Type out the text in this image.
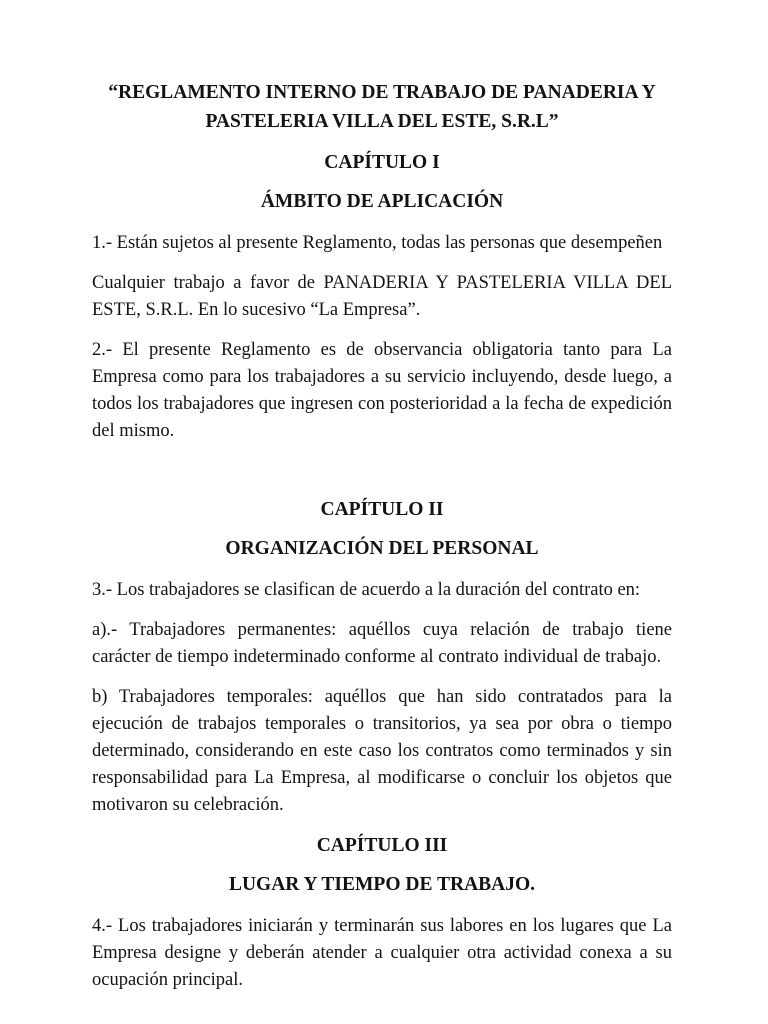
“REGLAMENTO INTERNO DE TRABAJO DE PANADERIA Y
PASTELERIA VILLA DEL ESTE, S.R.L”
CAPÍTULO I
ÁMBITO DE APLICACIÓN

1.- Están sujetos al presente Reglamento, todas las personas que desempeñen

Cualquier trabajo a favor de PANADERIA Y PASTELERIA VILLA DEL ESTE, S.R.L. En lo sucesivo “La Empresa”.

2.- El presente Reglamento es de observancia obligatoria tanto para La Empresa como para los trabajadores a su servicio incluyendo, desde luego, a todos los trabajadores que ingresen con posterioridad a la fecha de expedición del mismo.

CAPÍTULO II
ORGANIZACIÓN DEL PERSONAL

3.- Los trabajadores se clasifican de acuerdo a la duración del contrato en:

a).- Trabajadores permanentes: aquéllos cuya relación de trabajo tiene carácter de tiempo indeterminado conforme al contrato individual de trabajo.

b) Trabajadores temporales: aquéllos que han sido contratados para la ejecución de trabajos temporales o transitorios, ya sea por obra o tiempo determinado, considerando en este caso los contratos como terminados y sin responsabilidad para La Empresa, al modificarse o concluir los objetos que motivaron su celebración.

CAPÍTULO III
LUGAR Y TIEMPO DE TRABAJO.

4.- Los trabajadores iniciarán y terminarán sus labores en los lugares que La Empresa designe y deberán atender a cualquier otra actividad conexa a su ocupación principal.
